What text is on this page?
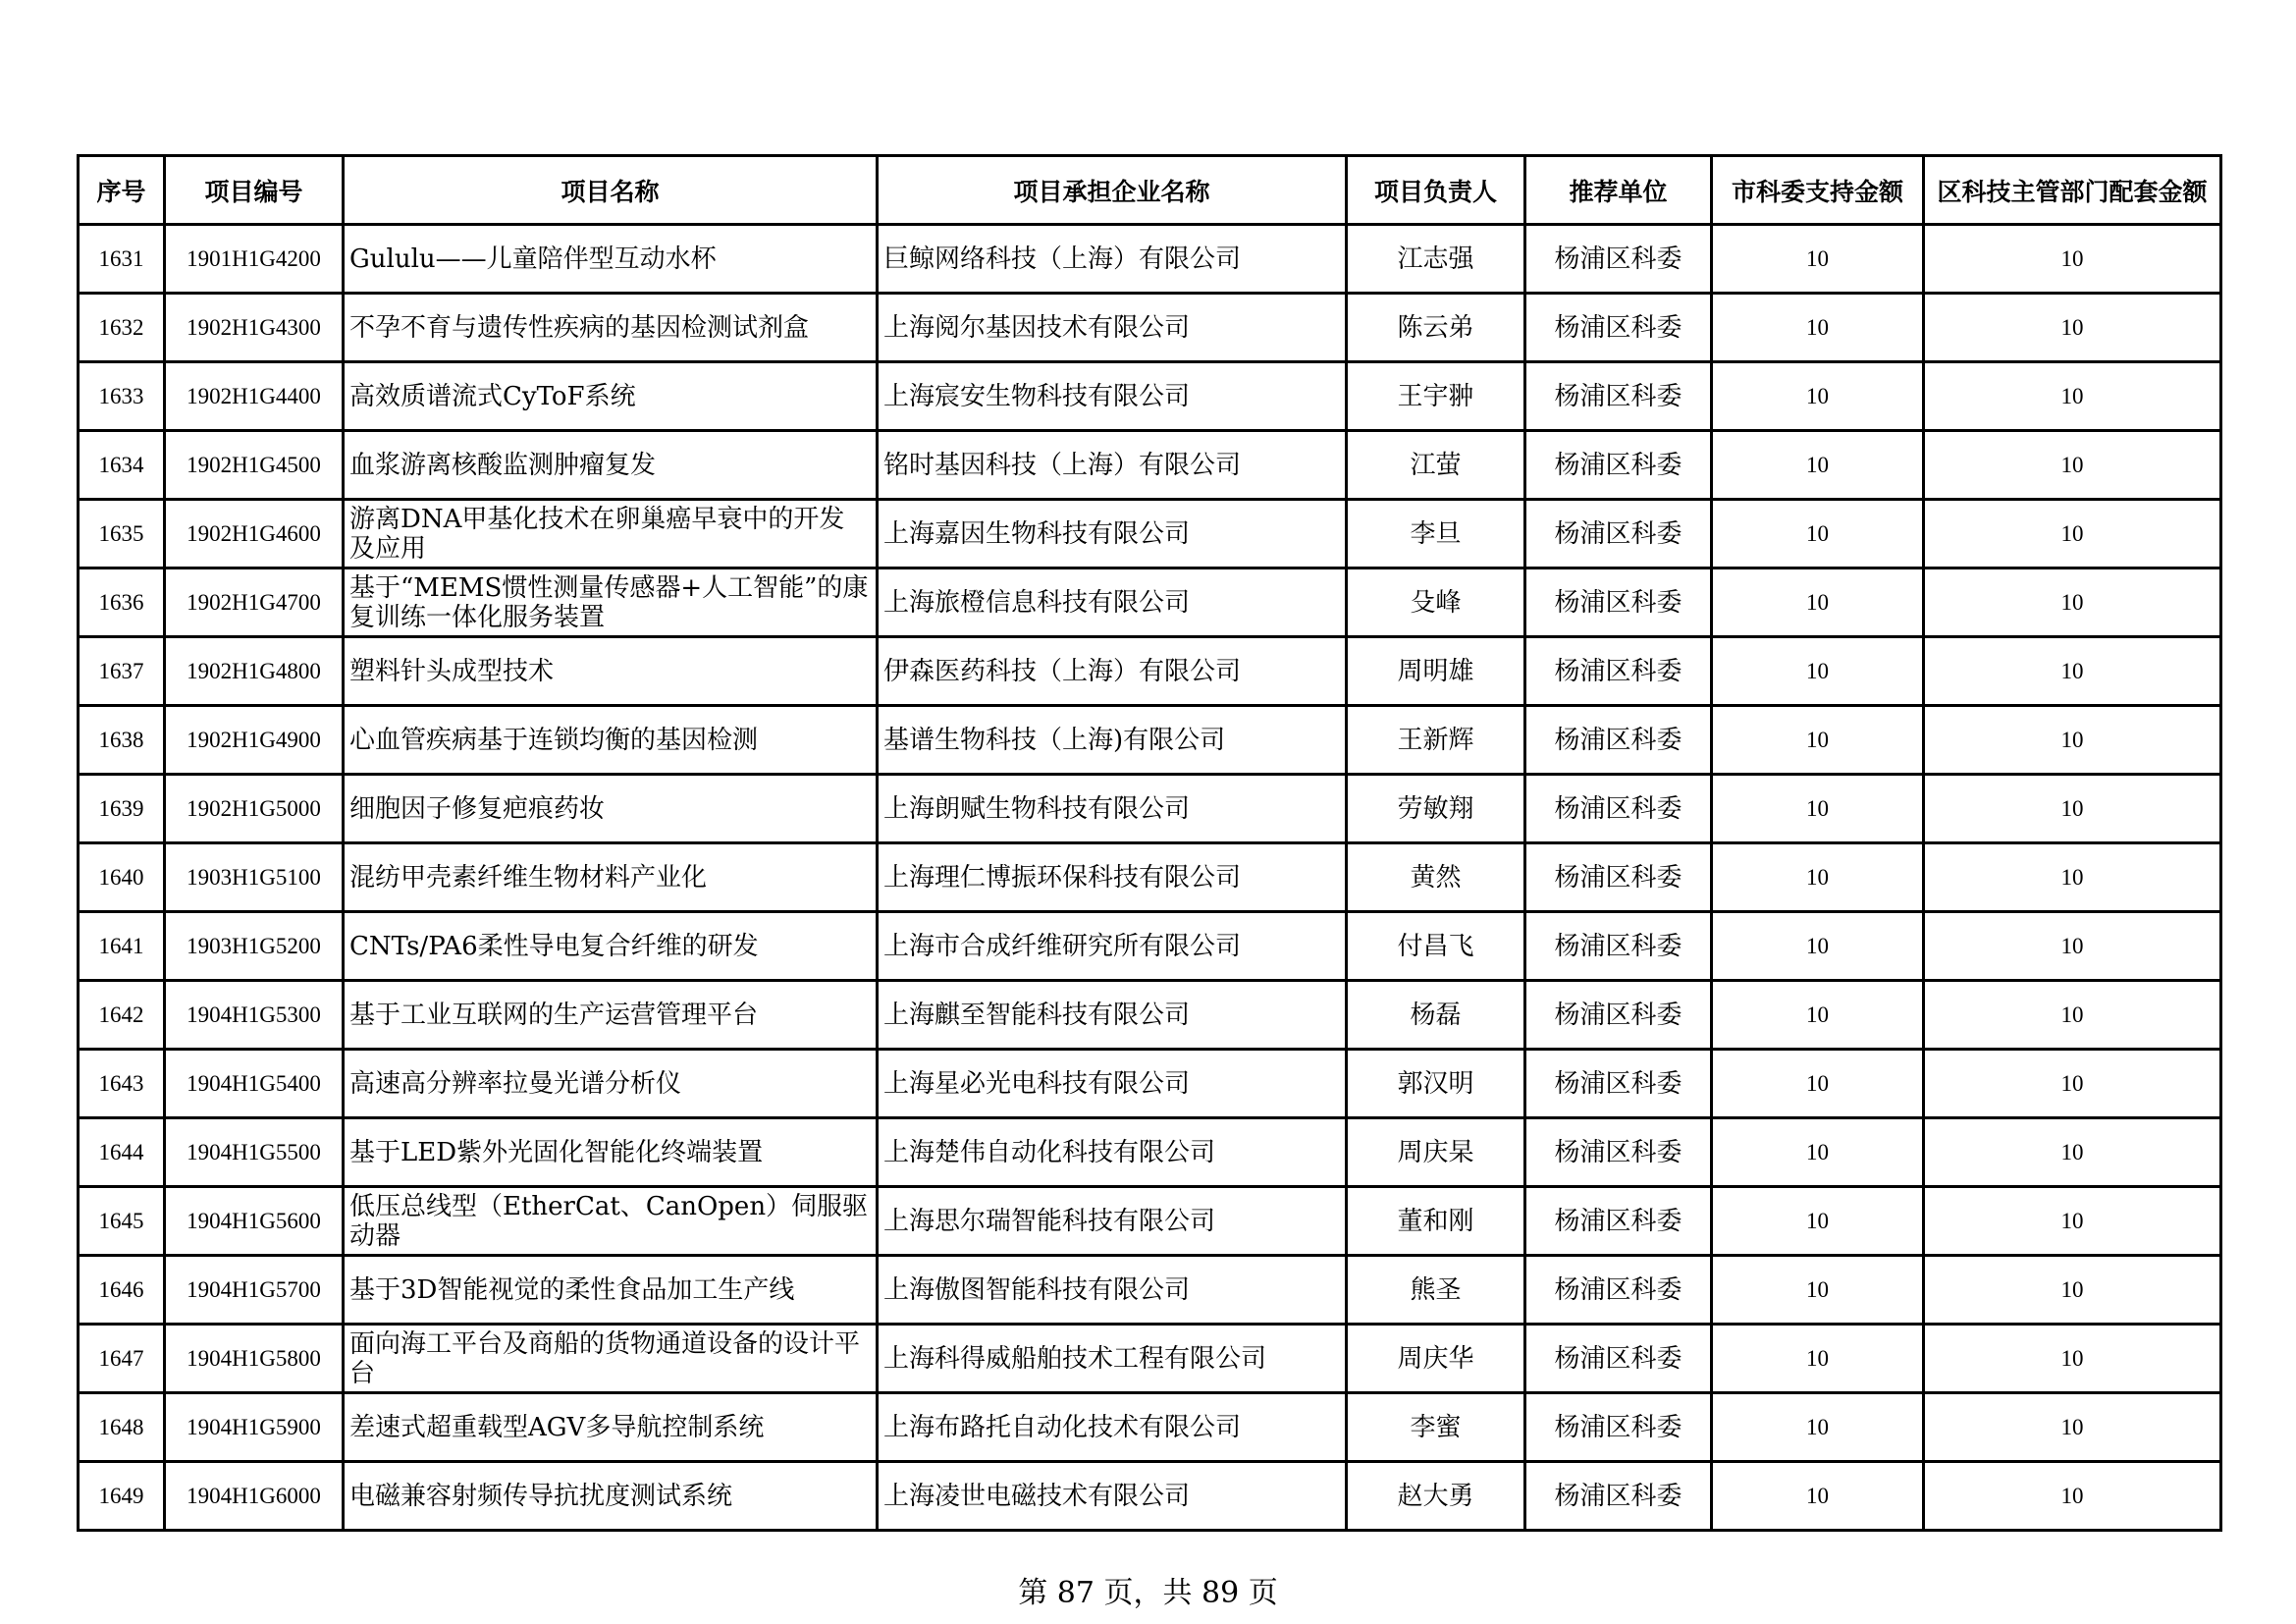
序号	项目编号	项目名称	项目承担企业名称	项目负责人	推荐单位	市科委支持金额	区科技主管部门配套金额
1631	1901H1G4200	Gululu——儿童陪伴型互动水杯	巨鲸网络科技（上海）有限公司	江志强	杨浦区科委	10	10
1632	1902H1G4300	不孕不育与遗传性疾病的基因检测试剂盒	上海阅尔基因技术有限公司	陈云弟	杨浦区科委	10	10
1633	1902H1G4400	高效质谱流式CyToF系统	上海宸安生物科技有限公司	王宇翀	杨浦区科委	10	10
1634	1902H1G4500	血浆游离核酸监测肿瘤复发	铭时基因科技（上海）有限公司	江萤	杨浦区科委	10	10
1635	1902H1G4600	游离DNA甲基化技术在卵巢癌早衰中的开发及应用	上海嘉因生物科技有限公司	李旦	杨浦区科委	10	10
1636	1902H1G4700	基于“MEMS惯性测量传感器+人工智能”的康复训练一体化服务装置	上海旅橙信息科技有限公司	殳峰	杨浦区科委	10	10
1637	1902H1G4800	塑料针头成型技术	伊森医药科技（上海）有限公司	周明雄	杨浦区科委	10	10
1638	1902H1G4900	心血管疾病基于连锁均衡的基因检测	基谱生物科技（上海)有限公司	王新辉	杨浦区科委	10	10
1639	1902H1G5000	细胞因子修复疤痕药妆	上海朗赋生物科技有限公司	劳敏翔	杨浦区科委	10	10
1640	1903H1G5100	混纺甲壳素纤维生物材料产业化	上海理仁博振环保科技有限公司	黄然	杨浦区科委	10	10
1641	1903H1G5200	CNTs/PA6柔性导电复合纤维的研发	上海市合成纤维研究所有限公司	付昌飞	杨浦区科委	10	10
1642	1904H1G5300	基于工业互联网的生产运营管理平台	上海麒至智能科技有限公司	杨磊	杨浦区科委	10	10
1643	1904H1G5400	高速高分辨率拉曼光谱分析仪	上海星必光电科技有限公司	郭汉明	杨浦区科委	10	10
1644	1904H1G5500	基于LED紫外光固化智能化终端装置	上海楚伟自动化科技有限公司	周庆杲	杨浦区科委	10	10
1645	1904H1G5600	低压总线型（EtherCat、CanOpen）伺服驱动器	上海思尔瑞智能科技有限公司	董和刚	杨浦区科委	10	10
1646	1904H1G5700	基于3D智能视觉的柔性食品加工生产线	上海傲图智能科技有限公司	熊圣	杨浦区科委	10	10
1647	1904H1G5800	面向海工平台及商船的货物通道设备的设计平台	上海科得威船舶技术工程有限公司	周庆华	杨浦区科委	10	10
1648	1904H1G5900	差速式超重载型AGV多导航控制系统	上海布路托自动化技术有限公司	李蜜	杨浦区科委	10	10
1649	1904H1G6000	电磁兼容射频传导抗扰度测试系统	上海凌世电磁技术有限公司	赵大勇	杨浦区科委	10	10
第 87 页，共 89 页
